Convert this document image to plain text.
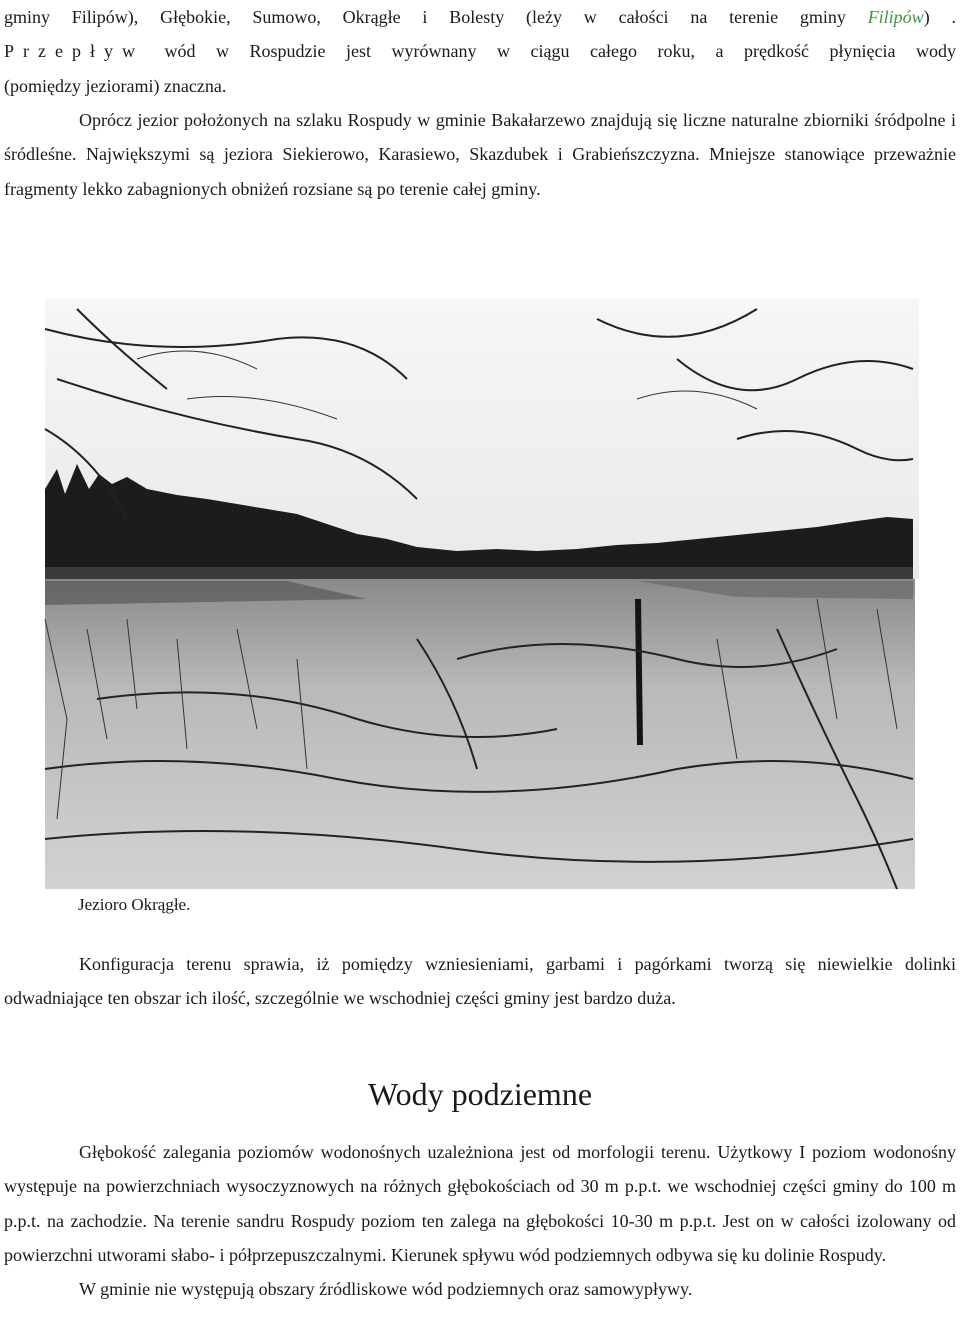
gminy Filipów), Głębokie, Sumowo, Okrągłe i Bolesty (leży w całości na terenie gminy Filipów) .

Przepływ wód w Rospudzie jest wyrównany w ciągu całego roku, a prędkość płynięcia wody

(pomiędzy jeziorami) znaczna.

Oprócz jezior położonych na szlaku Rospudy w gminie Bakałarzewo znajdują się liczne naturalne zbiorniki śródpolne i śródleśne. Największymi są jeziora Siekierowo, Karasiewo, Skazdubek i Grabieńszczyzna. Mniejsze stanowiące przeważnie fragmenty lekko zabagnionych obniżeń rozsiane są po terenie całej gminy.

Jezioro Okrągłe.

Konfiguracja terenu sprawia, iż pomiędzy wzniesieniami, garbami i pagórkami tworzą się niewielkie dolinki odwadniające ten obszar ich ilość, szczególnie we wschodniej części gminy jest bardzo duża.

Wody podziemne

Głębokość zalegania poziomów wodonośnych uzależniona jest od morfologii terenu. Użytkowy I poziom wodonośny występuje na powierzchniach wysoczyznowych na różnych głębokościach od 30 m p.p.t. we wschodniej części gminy do 100 m p.p.t. na zachodzie. Na terenie sandru Rospudy poziom ten zalega na głębokości 10-30 m p.p.t. Jest on w całości izolowany od powierzchni utworami słabo- i półprzepuszczalnymi. Kierunek spływu wód podziemnych odbywa się ku dolinie Rospudy.

W gminie nie występują obszary źródliskowe wód podziemnych oraz samowypływy.
